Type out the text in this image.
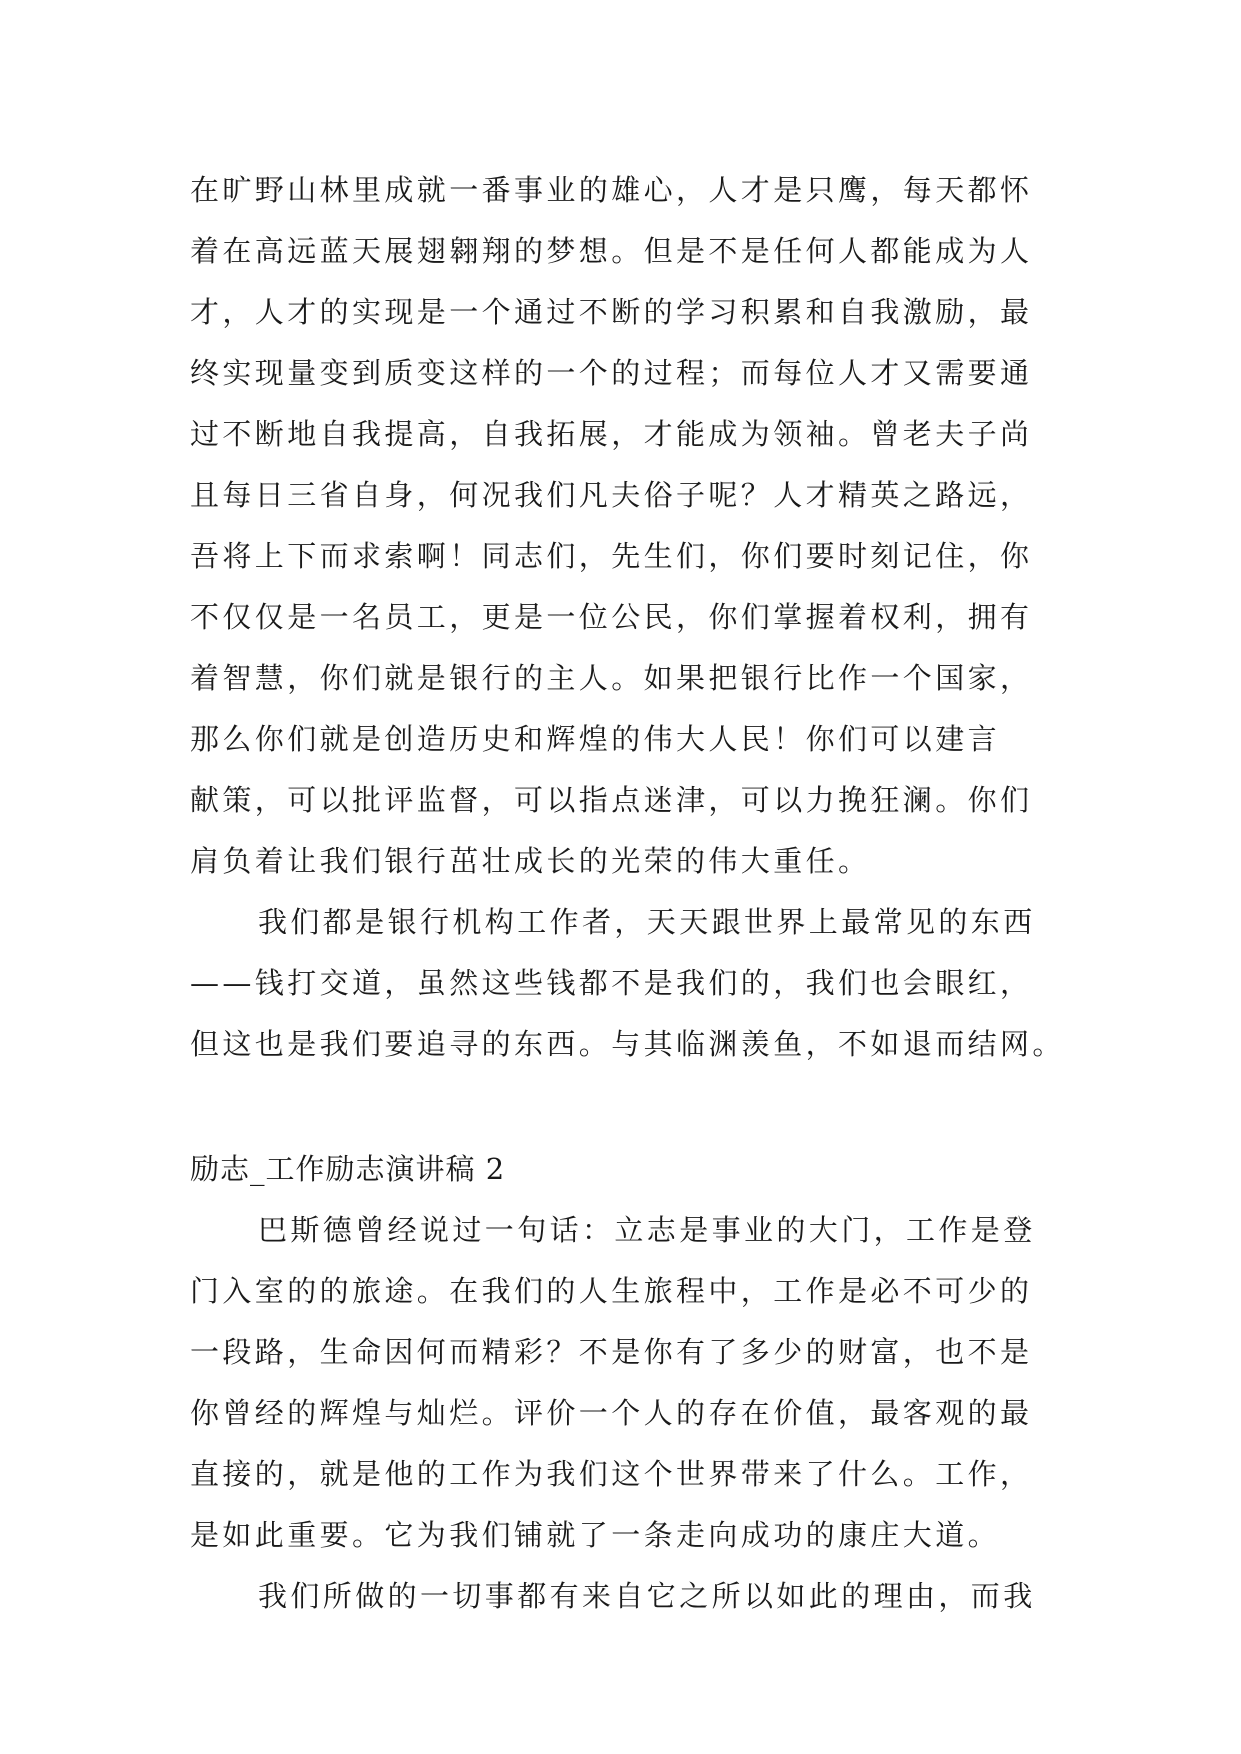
在旷野山林里成就一番事业的雄心，人才是只鹰，每天都怀
着在高远蓝天展翅翱翔的梦想。但是不是任何人都能成为人
才，人才的实现是一个通过不断的学习积累和自我激励，最
终实现量变到质变这样的一个的过程；而每位人才又需要通
过不断地自我提高，自我拓展，才能成为领袖。曾老夫子尚
且每日三省自身，何况我们凡夫俗子呢？人才精英之路远，
吾将上下而求索啊！同志们，先生们，你们要时刻记住，你
不仅仅是一名员工，更是一位公民，你们掌握着权利，拥有
着智慧，你们就是银行的主人。如果把银行比作一个国家，
那么你们就是创造历史和辉煌的伟大人民！你们可以建言
献策，可以批评监督，可以指点迷津，可以力挽狂澜。你们
肩负着让我们银行茁壮成长的光荣的伟大重任。
我们都是银行机构工作者，天天跟世界上最常见的东西
——钱打交道，虽然这些钱都不是我们的，我们也会眼红，
但这也是我们要追寻的东西。与其临渊羡鱼，不如退而结网。
励志_工作励志演讲稿 2
巴斯德曾经说过一句话：立志是事业的大门，工作是登
门入室的的旅途。在我们的人生旅程中，工作是必不可少的
一段路，生命因何而精彩？不是你有了多少的财富，也不是
你曾经的辉煌与灿烂。评价一个人的存在价值，最客观的最
直接的，就是他的工作为我们这个世界带来了什么。工作，
是如此重要。它为我们铺就了一条走向成功的康庄大道。
我们所做的一切事都有来自它之所以如此的理由，而我
